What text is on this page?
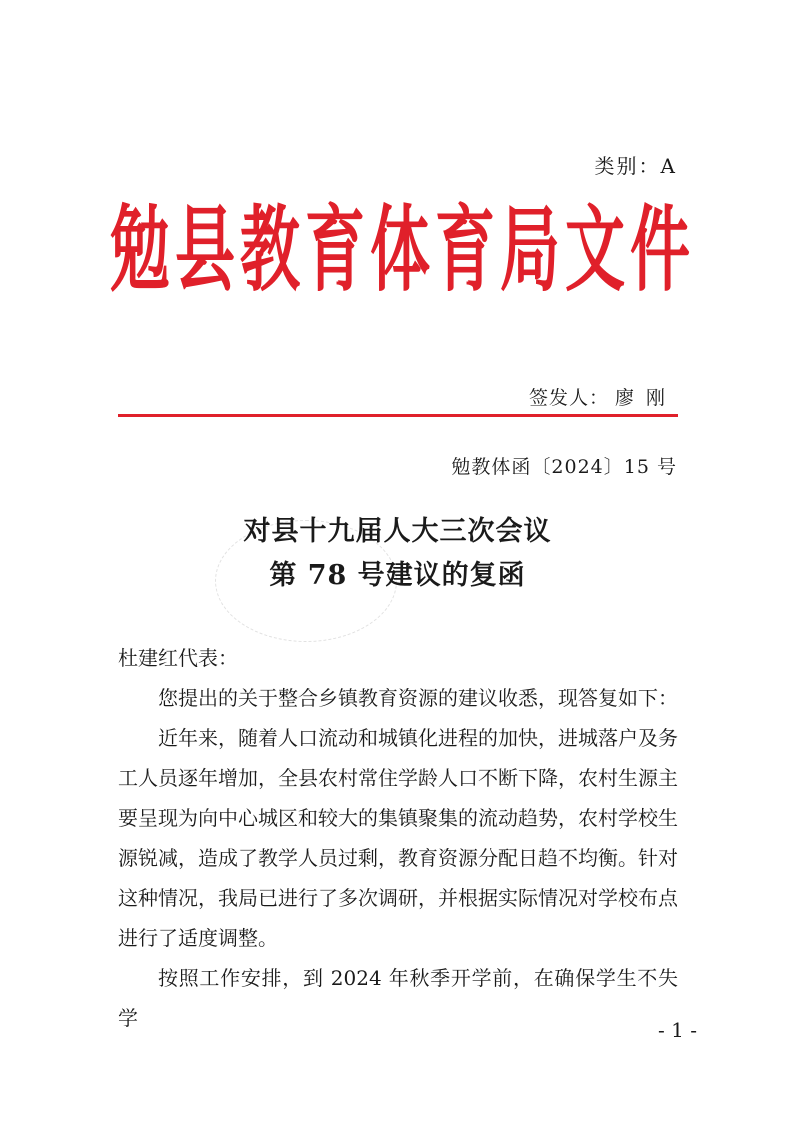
类别：A
勉 县 教 育 体 育 局 文 件
签发人： 廖刚
勉教体函〔2024〕15 号
对县十九届人大三次会议
第 78 号建议的复函

杜建红代表：

您提出的关于整合乡镇教育资源的建议收悉，现答复如下：

近年来，随着人口流动和城镇化进程的加快，进城落户及务工人员逐年增加，全县农村常住学龄人口不断下降，农村生源主要呈现为向中心城区和较大的集镇聚集的流动趋势，农村学校生源锐减，造成了教学人员过剩，教育资源分配日趋不均衡。针对这种情况，我局已进行了多次调研，并根据实际情况对学校布点进行了适度调整。

按照工作安排，到 2024 年秋季开学前，在确保学生不失学	- 1 -
